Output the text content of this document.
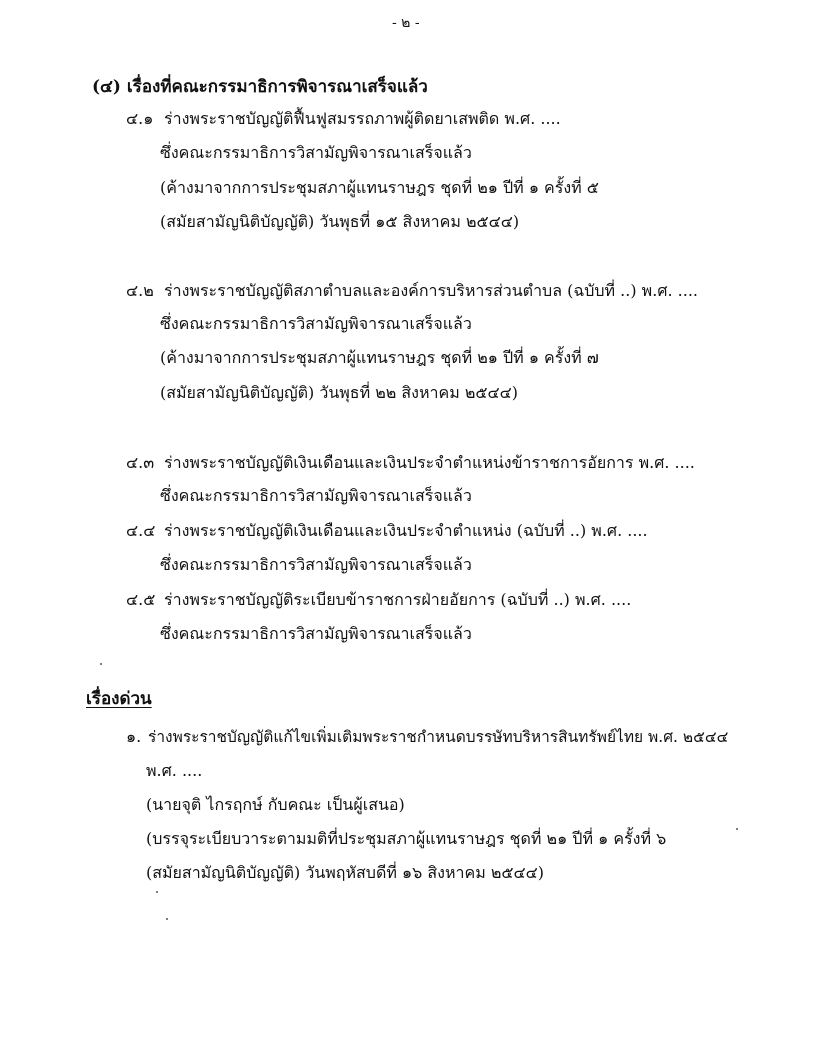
- ๒ -
(๔) เรื่องที่คณะกรรมาธิการพิจารณาเสร็จแล้ว
๔.๑ ร่างพระราชบัญญัติฟื้นฟูสมรรถภาพผู้ติดยาเสพติด พ.ศ. ....
ซึ่งคณะกรรมาธิการวิสามัญพิจารณาเสร็จแล้ว
(ค้างมาจากการประชุมสภาผู้แทนราษฎร ชุดที่ ๒๑ ปีที่ ๑ ครั้งที่ ๕
(สมัยสามัญนิติบัญญัติ) วันพุธที่ ๑๕ สิงหาคม ๒๕๔๔)
๔.๒ ร่างพระราชบัญญัติสภาตำบลและองค์การบริหารส่วนตำบล (ฉบับที่ ..) พ.ศ. ....
ซึ่งคณะกรรมาธิการวิสามัญพิจารณาเสร็จแล้ว
(ค้างมาจากการประชุมสภาผู้แทนราษฎร ชุดที่ ๒๑ ปีที่ ๑ ครั้งที่ ๗
(สมัยสามัญนิติบัญญัติ) วันพุธที่ ๒๒ สิงหาคม ๒๕๔๔)
๔.๓ ร่างพระราชบัญญัติเงินเดือนและเงินประจำตำแหน่งข้าราชการอัยการ พ.ศ. ....
ซึ่งคณะกรรมาธิการวิสามัญพิจารณาเสร็จแล้ว
๔.๔ ร่างพระราชบัญญัติเงินเดือนและเงินประจำตำแหน่ง (ฉบับที่ ..) พ.ศ. ....
ซึ่งคณะกรรมาธิการวิสามัญพิจารณาเสร็จแล้ว
๔.๕ ร่างพระราชบัญญัติระเบียบข้าราชการฝ่ายอัยการ (ฉบับที่ ..) พ.ศ. ....
ซึ่งคณะกรรมาธิการวิสามัญพิจารณาเสร็จแล้ว
เรื่องด่วน
๑. ร่างพระราชบัญญัติแก้ไขเพิ่มเติมพระราชกำหนดบรรษัทบริหารสินทรัพย์ไทย พ.ศ. ๒๕๔๔
พ.ศ. ....
(นายจุติ ไกรฤกษ์ กับคณะ เป็นผู้เสนอ)
(บรรจุระเบียบวาระตามมติที่ประชุมสภาผู้แทนราษฎร ชุดที่ ๒๑ ปีที่ ๑ ครั้งที่ ๖
(สมัยสามัญนิติบัญญัติ) วันพฤหัสบดีที่ ๑๖ สิงหาคม ๒๕๔๔)
